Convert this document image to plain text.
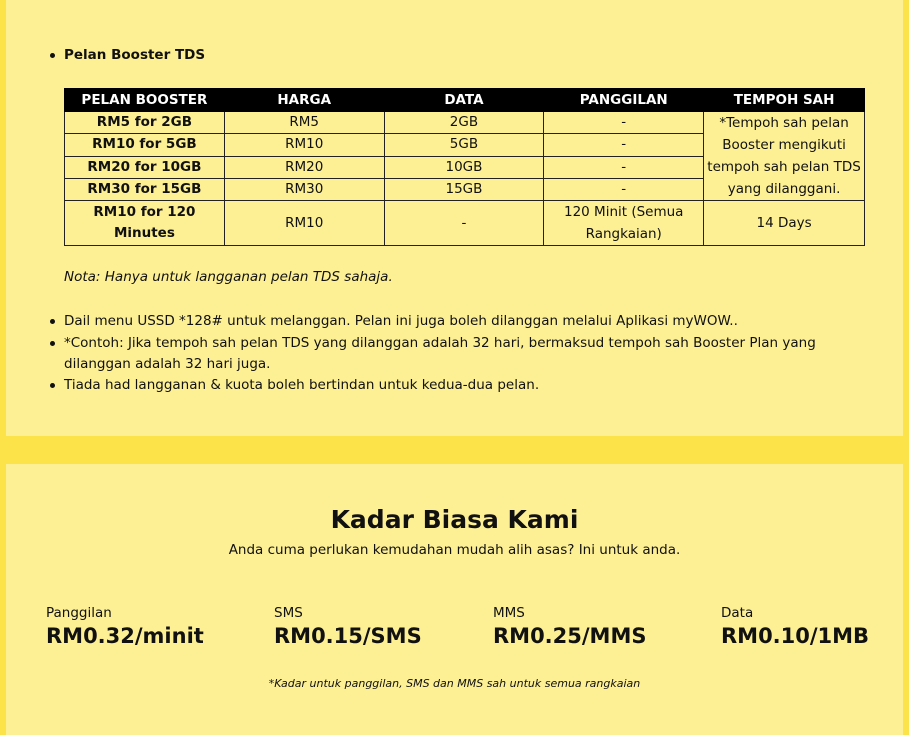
Pelan Booster TDS
PELAN BOOSTER	HARGA	DATA	PANGGILAN	TEMPOH SAH
RM5 for 2GB	RM5	2GB	-	*Tempoh sah pelan Booster mengikuti tempoh sah pelan TDS yang dilanggani.
RM10 for 5GB	RM10	5GB	-	
RM20 for 10GB	RM20	10GB	-	
RM30 for 15GB	RM30	15GB	-	
RM10 for 120 Minutes	RM10	-	120 Minit (Semua Rangkaian)	14 Days
Nota: Hanya untuk langganan pelan TDS sahaja.
Dail menu USSD *128# untuk melanggan. Pelan ini juga boleh dilanggan melalui Aplikasi myWOW..
*Contoh: Jika tempoh sah pelan TDS yang dilanggan adalah 32 hari, bermaksud tempoh sah Booster Plan yang dilanggan adalah 32 hari juga.
Tiada had langganan & kuota boleh bertindan untuk kedua-dua pelan.
Kadar Biasa Kami
Anda cuma perlukan kemudahan mudah alih asas? Ini untuk anda.
Panggilan
RM0.32/minit
SMS
RM0.15/SMS
MMS
RM0.25/MMS
Data
RM0.10/1MB
*Kadar untuk panggilan, SMS dan MMS sah untuk semua rangkaian
